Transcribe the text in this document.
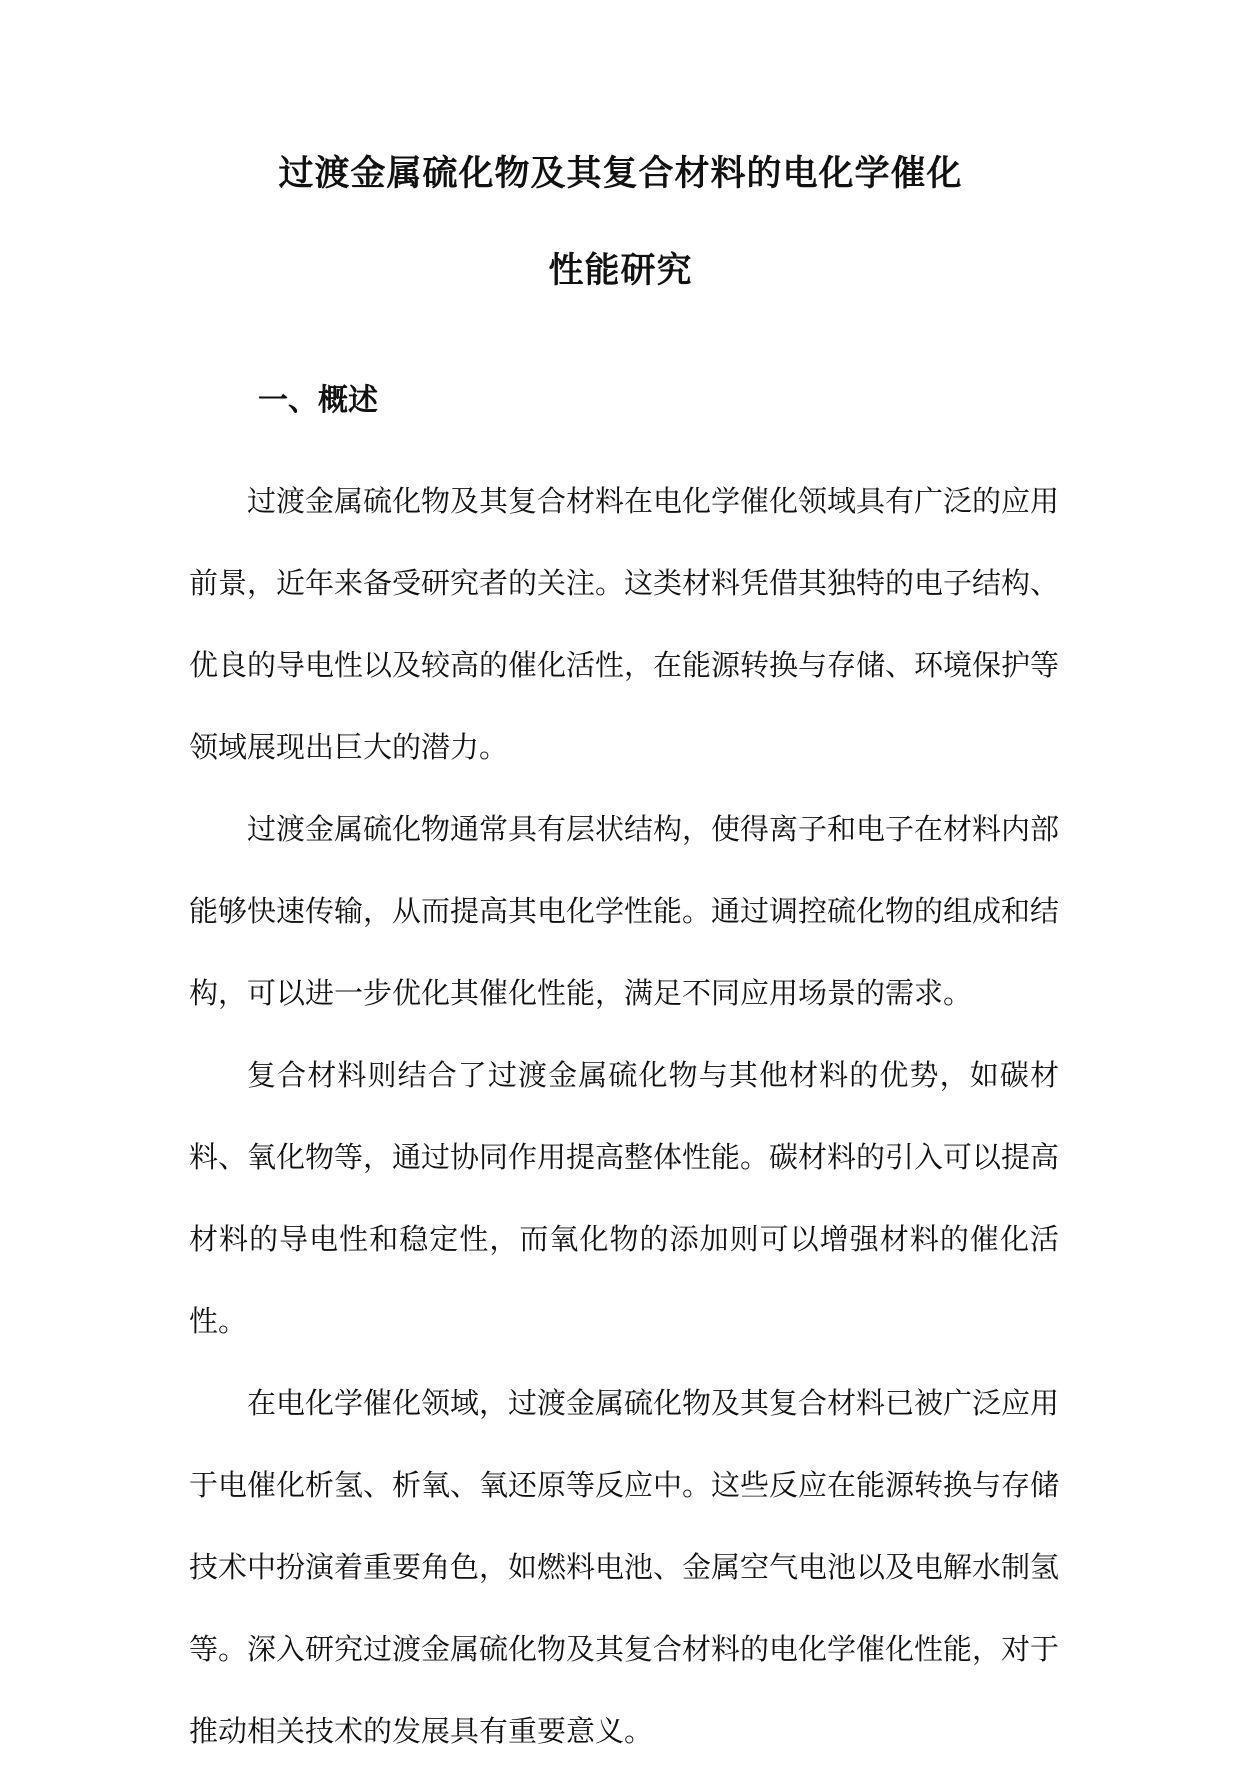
过渡金属硫化物及其复合材料的电化学催化
性能研究
一、概述

过渡金属硫化物及其复合材料在电化学催化领域具有广泛的应用前景，近年来备受研究者的关注。这类材料凭借其独特的电子结构、优良的导电性以及较高的催化活性，在能源转换与存储、环境保护等领域展现出巨大的潜力。

过渡金属硫化物通常具有层状结构，使得离子和电子在材料内部能够快速传输，从而提高其电化学性能。通过调控硫化物的组成和结构，可以进一步优化其催化性能，满足不同应用场景的需求。

复合材料则结合了过渡金属硫化物与其他材料的优势，如碳材料、氧化物等，通过协同作用提高整体性能。碳材料的引入可以提高材料的导电性和稳定性，而氧化物的添加则可以增强材料的催化活性。

在电化学催化领域，过渡金属硫化物及其复合材料已被广泛应用于电催化析氢、析氧、氧还原等反应中。这些反应在能源转换与存储技术中扮演着重要角色，如燃料电池、金属空气电池以及电解水制氢等。深入研究过渡金属硫化物及其复合材料的电化学催化性能，对于推动相关技术的发展具有重要意义。
